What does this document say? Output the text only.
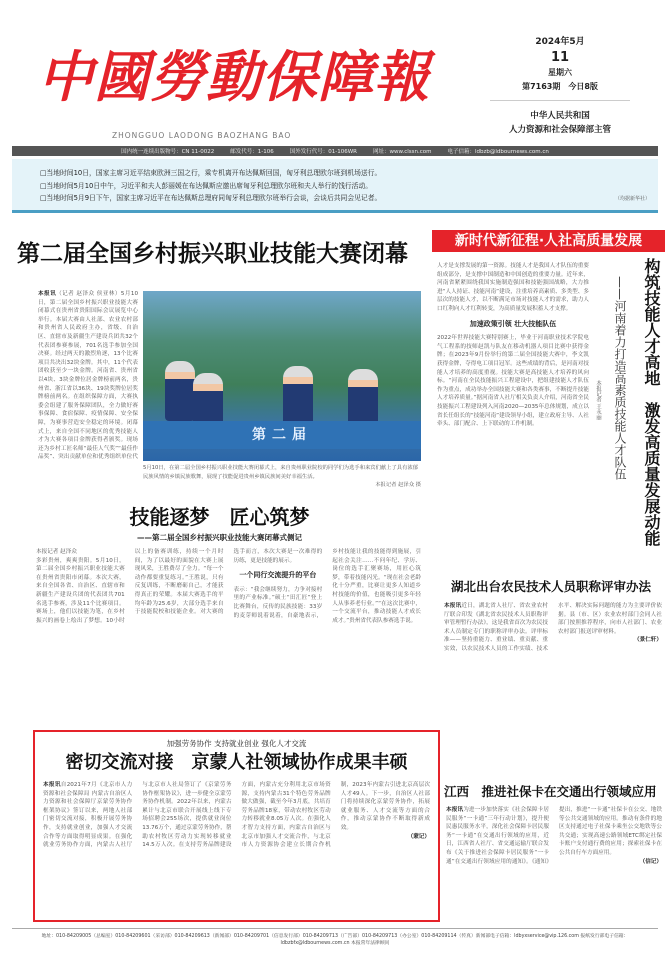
中國勞動保障報
ZHONGGUO LAODONG BAOZHANG BAO
2024年5月
11
星期六
第7163期　今日8版
中华人民共和国
人力资源和社会保障部主管
国内统一连续出版物号：CN 11-0022	邮发代号：1-106	国外发行代号：01-106WR	网址：www.clssn.com	电子信箱：ldbzb@ldbournews.com.cn
□当地时间10日，国家主席习近平结束欧洲三国之行，乘专机离开布达佩斯回国，匈牙利总理欧尔班到机场送行。
□当地时间5月10日中午，习近平和夫人彭丽媛在布达佩斯应邀出席匈牙利总理欧尔班和夫人举行的饯行活动。
□当地时间5月9日下午，国家主席习近平在布达佩斯总理府同匈牙利总理欧尔班举行会谈，会谈后共同会见记者。	（均据新华社）
第二届全国乡村振兴职业技能大赛闭幕
本报讯（记者 赵泽众 侯亚林）5月10日，第二届全国乡村振兴职业技能大赛闭幕式在贵州省贵阳国际会议展览中心举行。本届大赛由人社部、农业农村部和贵州省人民政府主办，省级、自治区、直辖市及新疆生产建设兵团共32个代表团参赛参展，701名选手参加全国决赛。经过两天的激烈角逐，13个比赛项目共决出32块金牌。其中，11个代表团收获至少一块金牌。河南省、贵州省以4块、3块金牌位居金牌榜前两名，贵州省、浙江省以36块、19块奖牌位居奖牌榜前两名。在组织保障方面，大赛执委会组建了服务保障团队，全力做好赛事保障、食宿保障、疫情保障、安全保障，为赛事营造安全稳定的环境。闭幕式上，来自全国不同地区的优秀技能人才为大赛各项目金牌获得者颁奖。现场还为乡村工匠名师“最佳人气奖”“最佳作品奖”、突出贡献单位和优秀组织单位代
第二届
5月10日，在第二届全国乡村振兴职业技能大赛闭幕式上，来自贵州职业院校的同学们为选手和来宾们献上了具有浓郁民族风情的乡镇民族歌舞，展现了技能促进贵州乡镇民族间美好幸福生活。
本报记者 赵泽众 摄
技能逐梦　匠心筑梦
——第二届全国乡村振兴职业技能大赛闭幕式侧记
本报记者 赵泽众
多彩贵州，爽爽贵阳。5月10日，第二届全国乡村振兴职业技能大赛在贵州省贵阳市闭幕。本次大赛，来自全国各省、自治区、直辖市和新疆生产建设兵团的代表团共701名选手参赛，涉及11个比赛项目。赛场上，他们以技能为笔，在乡村振兴的画卷上绘出了梦想。10小时以上的备赛训练，持续一个月时间，为了以最好的面貌在大赛上展现风采，王胜费尽了全力。“每一个动作都要重复练习。”王胜说，只有反复训练，不断磨砺自己，才能获得真正的荣耀。本届大赛选手的平均年龄为25.6岁，大部分选手来自于技能院校和技能企业。对大赛的选手而言，本次大赛是一次难得的历练，更是技能的展示。
一个同行交流提升的平台
表示：“我会继续努力，力争对接村里的产业标准。”硕士“田汇匠”登上比赛舞台，反传的民族技能：33岁的麦芽师说着说着，自豪地表示，乡村技能让我的技能得到施展，引起社会关注……不问年纪、学历、岗位的选手汇聚赛场，用匠心筑梦，带着技能闪光。“现在社会老龄化十分严重，比赛让更多人知道乡村技能的价值，也能吸引更多年轻人从事养老行业。”“在这次比赛中，一个交流平台，推动技能人才成长成才。”贵州省代表队参赛选手说。
加强劳务协作 支持就业创业 强化人才交流
密切交流对接　京蒙人社领域协作成果丰硕
本报讯自2021年7月《北京市人力资源和社会保障局 内蒙古自治区人力资源和社会保障厅京蒙劳务协作框架协议》签订以来，两地人社部门密切交流对接，积极开展劳务协作，支持就业创业，加强人才交流合作等方面取得明显成果。在强化就业劳务协作方面，内蒙古人社厅与北京市人社局签订了《京蒙劳务协作框架协议》，进一步健全京蒙劳务协作机制。2022年以来，内蒙古累计与北京市联合开展线上线下专场招聘会255场次，提供就业岗位13.76万个，通过京蒙劳务协作，帮助农村牧区劳动力实现转移就业14.5万人次。在支持劳务品牌建设方面，内蒙古充分利用北京市场资源，支持内蒙古31个特色劳务品牌做大做强，截至今年3月底，共培育劳务品牌18家，带动农村牧区劳动力转移就业8.05万人次。在强化人才智力支持方面，内蒙古自治区与北京市加强人才交流合作，与北京市人力资源协会建立长期合作机制，2023年内蒙古引进北京高层次人才49人。下一步，自治区人社部门将持续深化京蒙劳务协作，拓展就业服务、人才交流等方面的合作，推动京蒙协作不断取得新成效。
（蒙记）
新时代新征程·人社高质量发展
人才是支撑发展的第一资源。技能人才是我国人才队伍的重要组成部分，是支撑中国制造和中国创造的重要力量。近年来，河南省紧紧围绕我国实施制造强国和技能强国战略，大力推进“人人持证、技能河南”建设，注重培养高素质、多类型、多层次的技能人才，以不断满足市场对技能人才的需求，助力人口红利向人才红利转变，为高质量发展积蓄人才支撑。
加速政策引领 壮大技能队伍
2022年世界技能大赛特别赛上，毕业于河南职业技术学院电气工程系的技师赵凯与队友在移动机器人项目比赛中获得金牌；在2023年9月份举行的第二届全国技能大赛中，李文凯获得金牌，夺得电工项目冠军。这些成绩的背后，是河南对技能人才培养的高度重视。技能大赛是高技能人才培养的风向标。“河南在全民技能振兴工程建设中，把组建技能人才队伍作为重点，成功举办全国技能大赛和各类赛事，不断提升技能人才培养质量。”据河南省人社厅相关负责人介绍，河南省全民技能振兴工程建设列入河南2020—2035年总体规划，成立以省长任组长的“技能河南”建设领导小组，建立政府主导、人社牵头、部门配合、上下联动的工作机制。	构筑技能人才高地　激发高质量发展动能
——河南着力打造高素质技能人才队伍
本报记者 王永丽
湖北出台农民技术人员职称评审办法
本报讯近日，湖北省人社厅、省农业农村厅联合印发《湖北省农民技术人员职称评审管理暂行办法》，这是我省首次为农民技术人员制定专门的职称评审办法。评审标准——坚持重能力、重业绩、重贡献、重实效，以农民技术人员的工作实绩、技术水平、解决实际问题的能力为主要评价依据。县（市、区）农业农村部门会同人社部门按照推荐程序，向市人社部门、农业农村部门报送评审材料。
（景仁轩）
江西　推进社保卡在交通出行领域应用
本报讯为进一步加快落实《社会保障卡居民服务“一卡通”三年行动计划》，提升便民惠民服务水平，深化社会保障卡居民服务“一卡通”在交通出行领域的应用，近日，江西省人社厅、省交通运输厅联合发布《关于推进社会保障卡居民服务“一卡通”在交通出行领域应用的通知》。《通知》提出，推进“一卡通”社保卡在公交、地铁等公共交通领域的应用。推动有条件的地区支持通过电子社保卡乘坐公交地铁等公共交通；实现高速公路领域ETC绑定社保卡账户支付通行费的应用；探索社保卡在公共自行车方面应用。
（信记）
地址：010-84209005（总编室）010-84209601（采访部）010-84209613（新闻部）010-84209701（信息发行部）010-84209713（广告部）010-84209713（办公室）010-84209114（传真）新闻部电子信箱：ldbyxservice@vip.126.com 报纸发行部电子信箱：ldbzbfx@ldbournews.com.cn 本报常年法律顾问
